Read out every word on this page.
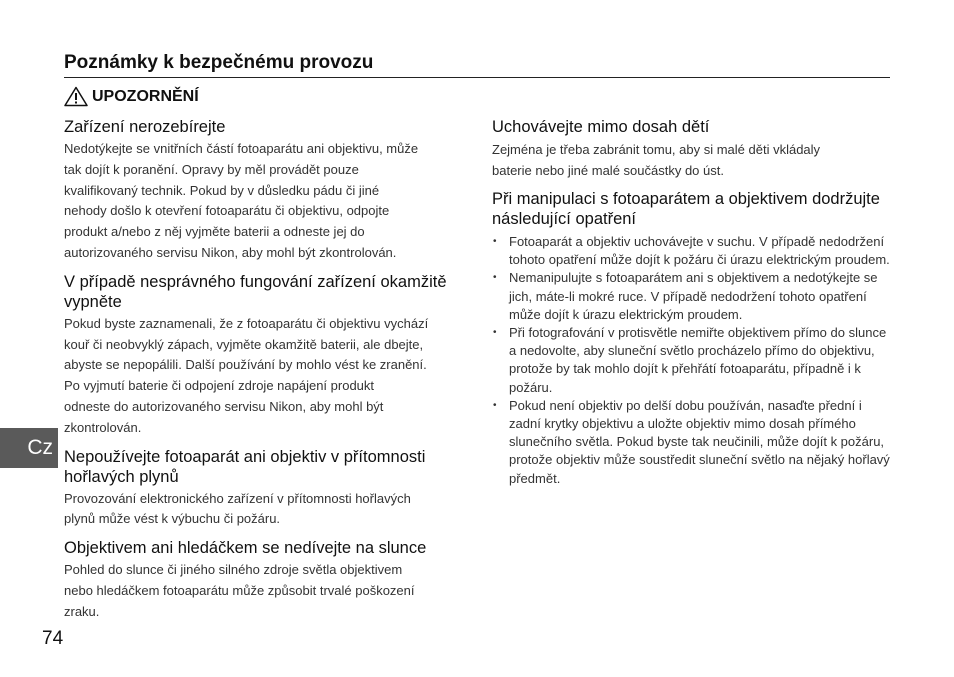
Poznámky k bezpečnému provozu
UPOZORNĚNÍ
Zařízení nerozebírejte

Nedotýkejte se vnitřních částí fotoaparátu ani objektivu, může
tak dojít k poranění. Opravy by měl provádět pouze
kvalifikovaný technik. Pokud by v důsledku pádu či jiné
nehody došlo k otevření fotoaparátu či objektivu, odpojte
produkt a/nebo z něj vyjměte baterii a odneste jej do
autorizovaného servisu Nikon, aby mohl být zkontrolován.

V případě nesprávného fungování zařízení okamžitě vypněte

Pokud byste zaznamenali, že z fotoaparátu či objektivu vychází
kouř či neobvyklý zápach, vyjměte okamžitě baterii, ale dbejte,
abyste se nepopálili. Další používání by mohlo vést ke zranění.
Po vyjmutí baterie či odpojení zdroje napájení produkt
odneste do autorizovaného servisu Nikon, aby mohl být
zkontrolován.

Nepoužívejte fotoaparát ani objektiv v přítomnosti hořlavých plynů

Provozování elektronického zařízení v přítomnosti hořlavých
plynů může vést k výbuchu či požáru.

Objektivem ani hledáčkem se nedívejte na slunce

Pohled do slunce či jiného silného zdroje světla objektivem
nebo hledáčkem fotoaparátu může způsobit trvalé poškození
zraku.

Uchovávejte mimo dosah dětí

Zejména je třeba zabránit tomu, aby si malé děti vkládaly
baterie nebo jiné malé součástky do úst.

Při manipulaci s fotoaparátem a objektivem dodržujte následující opatření
• Fotoaparát a objektiv uchovávejte v suchu. V případě nedodržení tohoto opatření může dojít k požáru či úrazu elektrickým proudem.
• Nemanipulujte s fotoaparátem ani s objektivem a nedotýkejte se jich, máte-li mokré ruce. V případě nedodržení tohoto opatření může dojít k úrazu elektrickým proudem.
• Při fotografování v protisvětle nemiřte objektivem přímo do slunce a nedovolte, aby sluneční světlo procházelo přímo do objektivu, protože by tak mohlo dojít k přehřátí fotoaparátu, případně i k požáru.
• Pokud není objektiv po delší dobu používán, nasaďte přední i zadní krytky objektivu a uložte objektiv mimo dosah přímého slunečního světla. Pokud byste tak neučinili, může dojít k požáru, protože objektiv může soustředit sluneční světlo na nějaký hořlavý předmět.
Cz
74
